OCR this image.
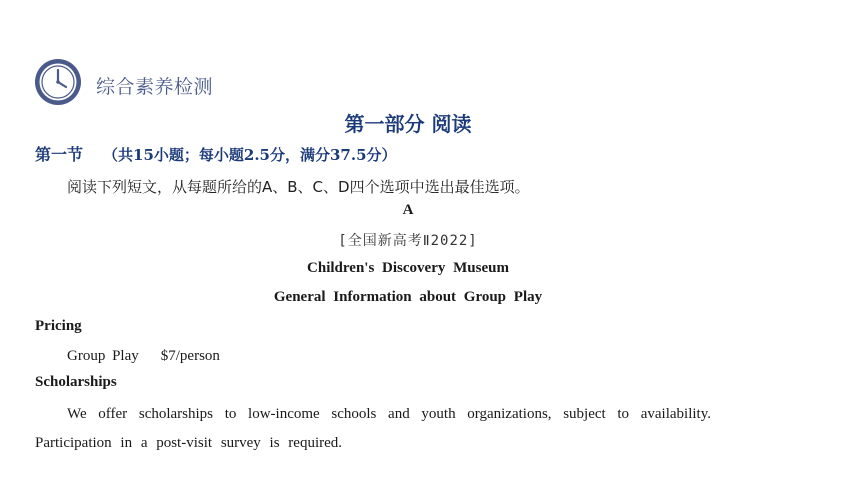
综合素养检测
第一部分 阅读
第一节 （共15小题；每小题2.5分，满分37.5分）
阅读下列短文，从每题所给的A、B、C、D四个选项中选出最佳选项。
A
[全国新高考Ⅱ2022]
Children's Discovery Museum
General Information about Group Play
Pricing
Group Play $7/person
Scholarships
We offer scholarships to low-income schools and youth organizations, subject to availability. Participation in a post-visit survey is required.
